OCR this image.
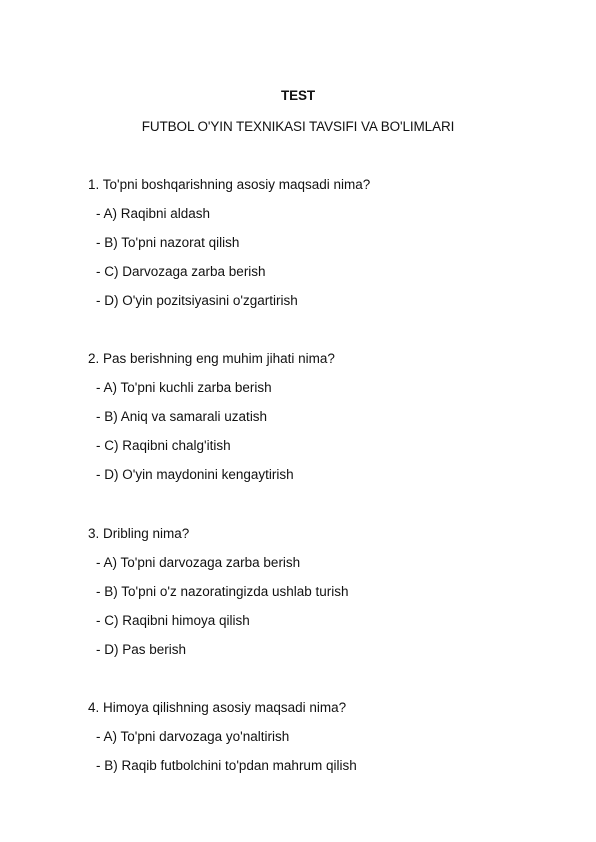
TEST
FUTBOL O'YIN TEXNIKASI TAVSIFI VA BO'LIMLARI
1. To'pni boshqarishning asosiy maqsadi nima?
- A) Raqibni aldash
- B) To'pni nazorat qilish
- C) Darvozaga zarba berish
- D) O'yin pozitsiyasini o'zgartirish
2. Pas berishning eng muhim jihati nima?
- A) To'pni kuchli zarba berish
- B) Aniq va samarali uzatish
- C) Raqibni chalg'itish
- D) O'yin maydonini kengaytirish
3. Dribling nima?
- A) To'pni darvozaga zarba berish
- B) To'pni o'z nazoratingizda ushlab turish
- C) Raqibni himoya qilish
- D) Pas berish
4. Himoya qilishning asosiy maqsadi nima?
- A) To'pni darvozaga yo'naltirish
- B) Raqib futbolchini to'pdan mahrum qilish
